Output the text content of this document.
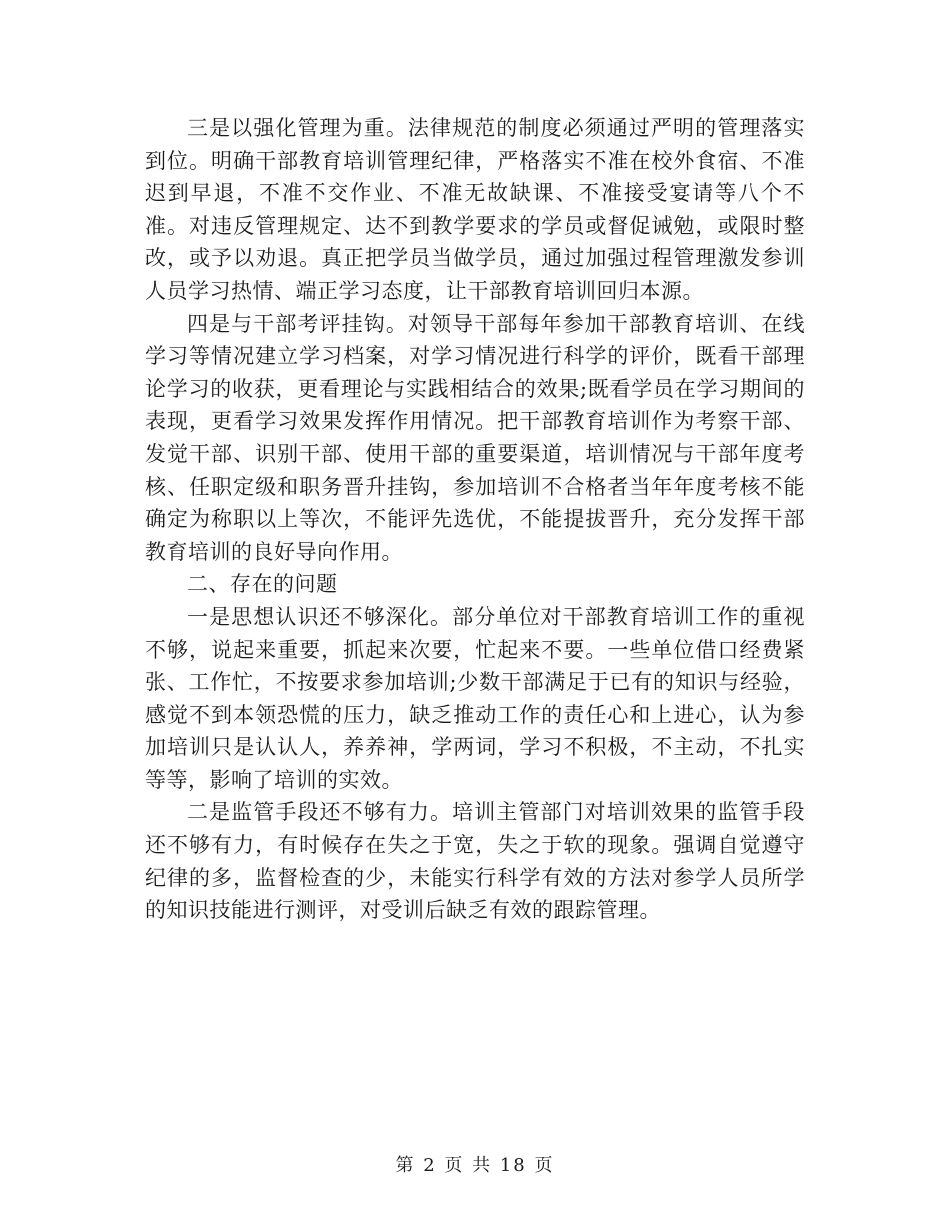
三是以强化管理为重。法律规范的制度必须通过严明的管理落实到位。明确干部教育培训管理纪律，严格落实不准在校外食宿、不准迟到早退，不准不交作业、不准无故缺课、不准接受宴请等八个不准。对违反管理规定、达不到教学要求的学员或督促诫勉，或限时整改，或予以劝退。真正把学员当做学员，通过加强过程管理激发参训人员学习热情、端正学习态度，让干部教育培训回归本源。

四是与干部考评挂钩。对领导干部每年参加干部教育培训、在线学习等情况建立学习档案，对学习情况进行科学的评价，既看干部理论学习的收获，更看理论与实践相结合的效果;既看学员在学习期间的表现，更看学习效果发挥作用情况。把干部教育培训作为考察干部、发觉干部、识别干部、使用干部的重要渠道，培训情况与干部年度考核、任职定级和职务晋升挂钩，参加培训不合格者当年年度考核不能确定为称职以上等次，不能评先选优，不能提拔晋升，充分发挥干部教育培训的良好导向作用。

二、存在的问题

一是思想认识还不够深化。部分单位对干部教育培训工作的重视不够，说起来重要，抓起来次要，忙起来不要。一些单位借口经费紧张、工作忙，不按要求参加培训;少数干部满足于已有的知识与经验，感觉不到本领恐慌的压力，缺乏推动工作的责任心和上进心，认为参加培训只是认认人，养养神，学两词，学习不积极，不主动，不扎实等等，影响了培训的实效。

二是监管手段还不够有力。培训主管部门对培训效果的监管手段还不够有力，有时候存在失之于宽，失之于软的现象。强调自觉遵守纪律的多，监督检查的少，未能实行科学有效的方法对参学人员所学的知识技能进行测评，对受训后缺乏有效的跟踪管理。

第 2 页 共 18 页
